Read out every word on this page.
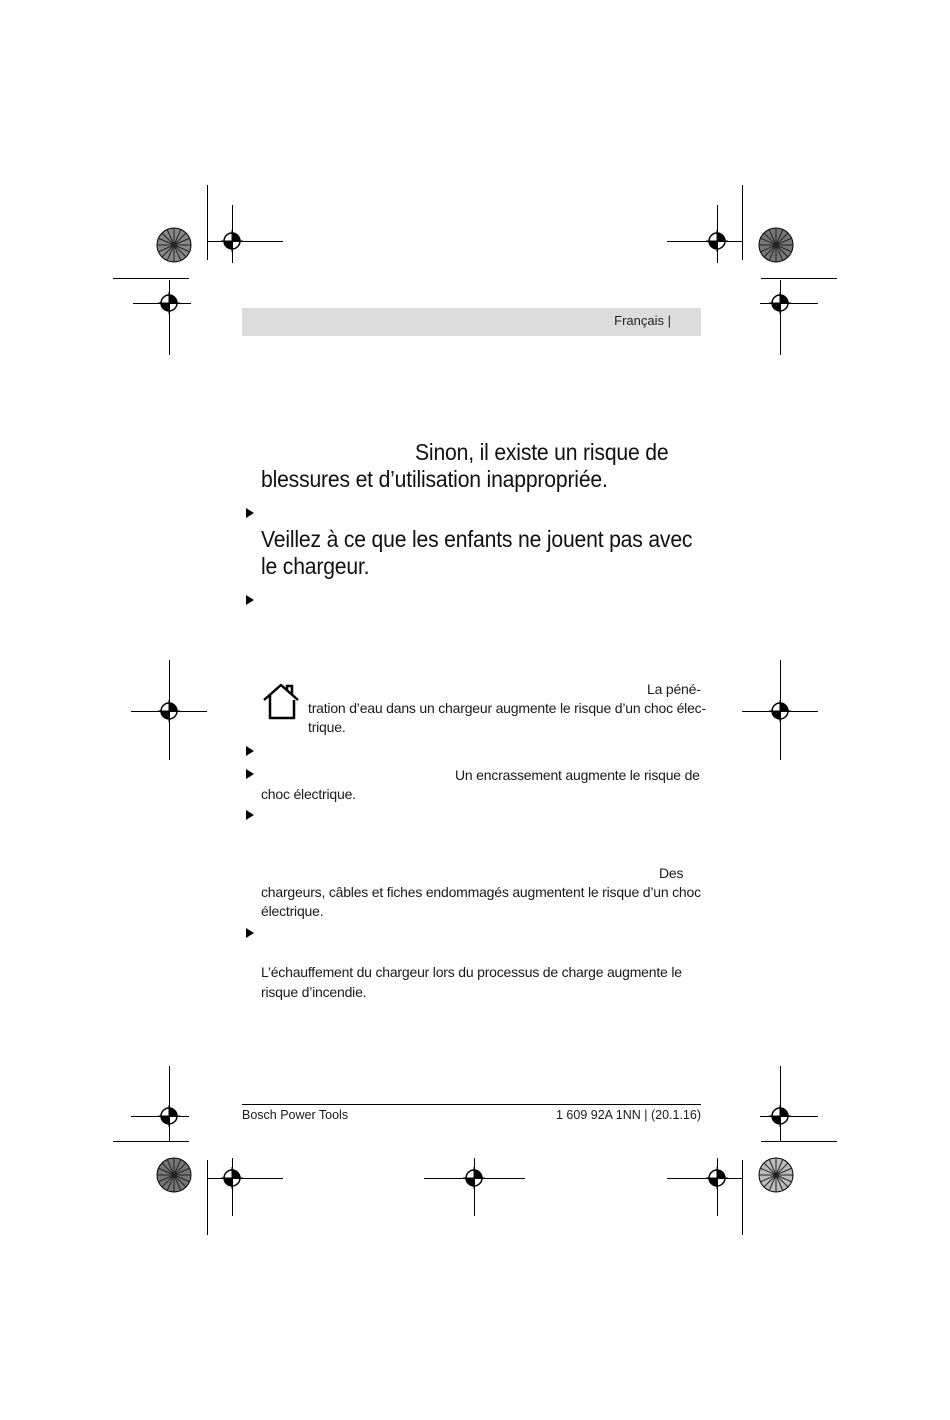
Français |
Sinon, il existe un risque de
blessures et d’utilisation inappropriée.
Veillez à ce que les enfants ne jouent pas avec
le chargeur.
La péné-
tration d’eau dans un chargeur augmente le risque d’un choc élec-
trique.
Un encrassement augmente le risque de
choc électrique.
Des
chargeurs, câbles et fiches endommagés augmentent le risque d’un choc
électrique.
L’échauffement du chargeur lors du processus de charge augmente le
risque d’incendie.
Bosch Power Tools	1 609 92A 1NN | (20.1.16)
